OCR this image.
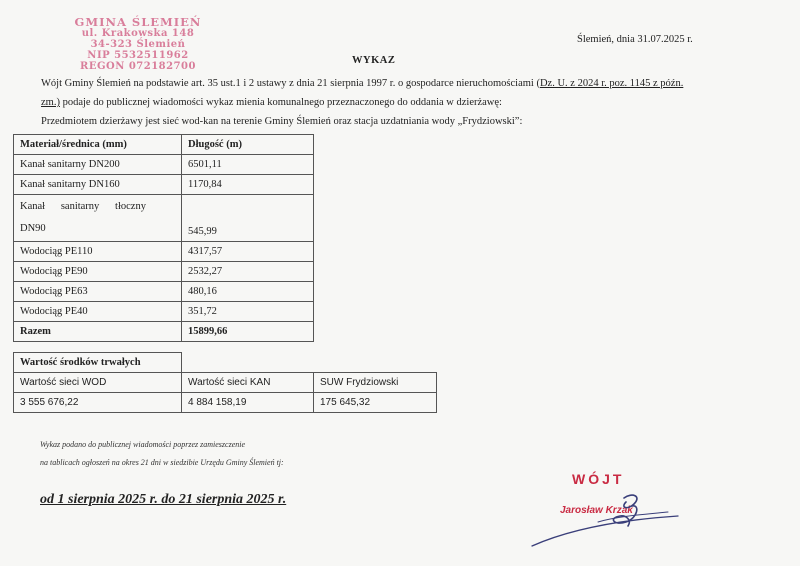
GMINA ŚLEMIEŃ
ul. Krakowska 148
34-323 Ślemień
NIP 5532511962
REGON 072182700
Ślemień, dnia 31.07.2025 r.
WYKAZ
Wójt Gminy Ślemień na podstawie art. 35 ust.1 i 2 ustawy z dnia 21 sierpnia 1997 r. o gospodarce nieruchomościami (Dz. U. z 2024 r. poz. 1145 z późn.
zm.) podaje do publicznej wiadomości wykaz mienia komunalnego przeznaczonego do oddania w dzierżawę:
Przedmiotem dzierżawy jest sieć wod-kan na terenie Gminy Ślemień oraz stacja uzdatniania wody „Frydziowski”:
Materiał/średnica (mm)	Długość (m)
Kanał sanitarny DN200	6501,11
Kanał sanitarny DN160	1170,84

Kanał      sanitarny      tłoczny
DN90	545,99
Wodociąg PE110	4317,57
Wodociąg PE90	2532,27
Wodociąg PE63	480,16
Wodociąg PE40	351,72
Razem	15899,66
Wartość środków trwałych		
Wartość sieci WOD	Wartość sieci KAN	SUW Frydziowski
3 555 676,22	4 884 158,19	175 645,32
Wykaz podano do publicznej wiadomości poprzez zamieszczenie
na tablicach ogłoszeń na okres 21 dni w siedzibie Urzędu Gminy Ślemień tj:
od 1 sierpnia 2025 r. do 21 sierpnia 2025 r.
WÓJT
Jarosław Krzak
